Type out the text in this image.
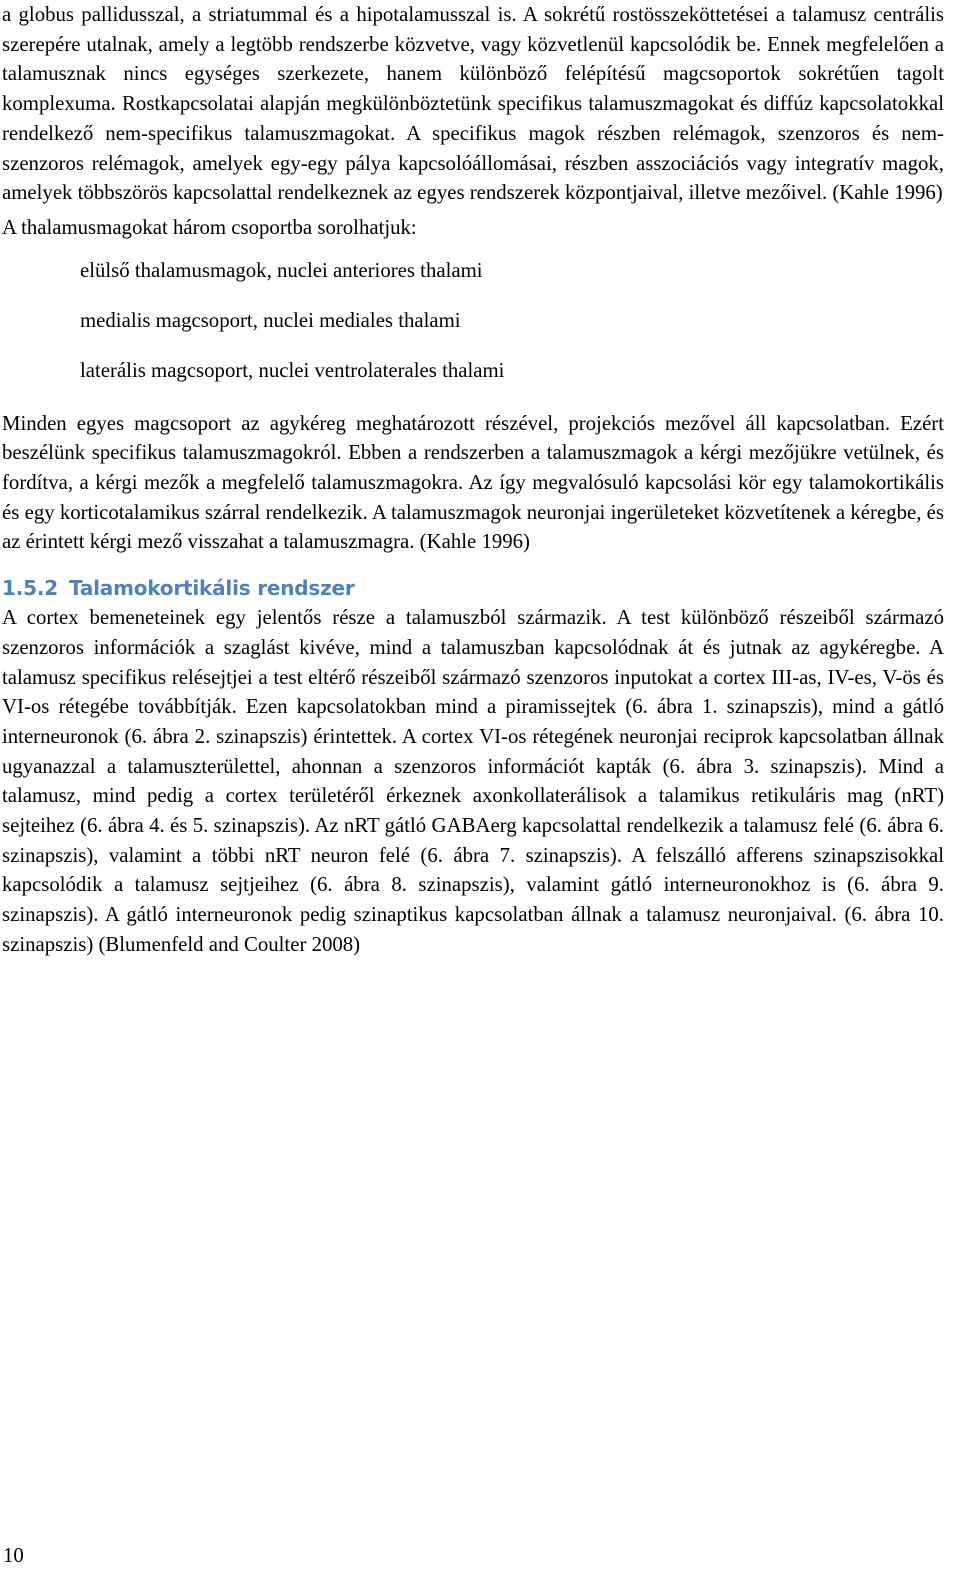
a globus pallidusszal, a striatummal és a hipotalamusszal is. A sokrétű rostösszeköttetései a talamusz centrális szerepére utalnak, amely a legtöbb rendszerbe közvetve, vagy közvetlenül kapcsolódik be. Ennek megfelelően a talamusznak nincs egységes szerkezete, hanem különböző felépítésű magcsoportok sokrétűen tagolt komplexuma. Rostkapcsolatai alapján megkülönböztetünk specifikus talamuszmagokat és diffúz kapcsolatokkal rendelkező nem-specifikus talamuszmagokat. A specifikus magok részben relémagok, szenzoros és nem-szenzoros relémagok, amelyek egy-egy pálya kapcsolóállomásai, részben asszociációs vagy integratív magok, amelyek többszörös kapcsolattal rendelkeznek az egyes rendszerek központjaival, illetve mezőivel. (Kahle 1996)

A thalamusmagokat három csoportba sorolhatjuk:

elülső thalamusmagok, nuclei anteriores thalami
medialis magcsoport, nuclei mediales thalami
laterális magcsoport, nuclei ventrolaterales thalami

Minden egyes magcsoport az agykéreg meghatározott részével, projekciós mezővel áll kapcsolatban. Ezért beszélünk specifikus talamuszmagokról. Ebben a rendszerben a talamuszmagok a kérgi mezőjükre vetülnek, és fordítva, a kérgi mezők a megfelelő talamuszmagokra. Az így megvalósuló kapcsolási kör egy talamokortikális és egy korticotalamikus szárral rendelkezik. A talamuszmagok neuronjai ingerületeket közvetítenek a kéregbe, és az érintett kérgi mező visszahat a talamuszmagra. (Kahle 1996)

1.5.2 Talamokortikális rendszer

A cortex bemeneteinek egy jelentős része a talamuszból származik. A test különböző részeiből származó szenzoros információk a szaglást kivéve, mind a talamuszban kapcsolódnak át és jutnak az agykéregbe. A talamusz specifikus relésejtjei a test eltérő részeiből származó szenzoros inputokat a cortex III-as, IV-es, V-ös és VI-os rétegébe továbbítják. Ezen kapcsolatokban mind a piramissejtek (6. ábra 1. szinapszis), mind a gátló interneuronok (6. ábra 2. szinapszis) érintettek. A cortex VI-os rétegének neuronjai reciprok kapcsolatban állnak ugyanazzal a talamuszterülettel, ahonnan a szenzoros információt kapták (6. ábra 3. szinapszis). Mind a talamusz, mind pedig a cortex területéről érkeznek axonkollaterálisok a talamikus retikuláris mag (nRT) sejteihez (6. ábra 4. és 5. szinapszis). Az nRT gátló GABAerg kapcsolattal rendelkezik a talamusz felé (6. ábra 6. szinapszis), valamint a többi nRT neuron felé (6. ábra 7. szinapszis). A felszálló afferens szinapszisokkal kapcsolódik a talamusz sejtjeihez (6. ábra 8. szinapszis), valamint gátló interneuronokhoz is (6. ábra 9. szinapszis). A gátló interneuronok pedig szinaptikus kapcsolatban állnak a talamusz neuronjaival. (6. ábra 10. szinapszis) (Blumenfeld and Coulter 2008)

10
